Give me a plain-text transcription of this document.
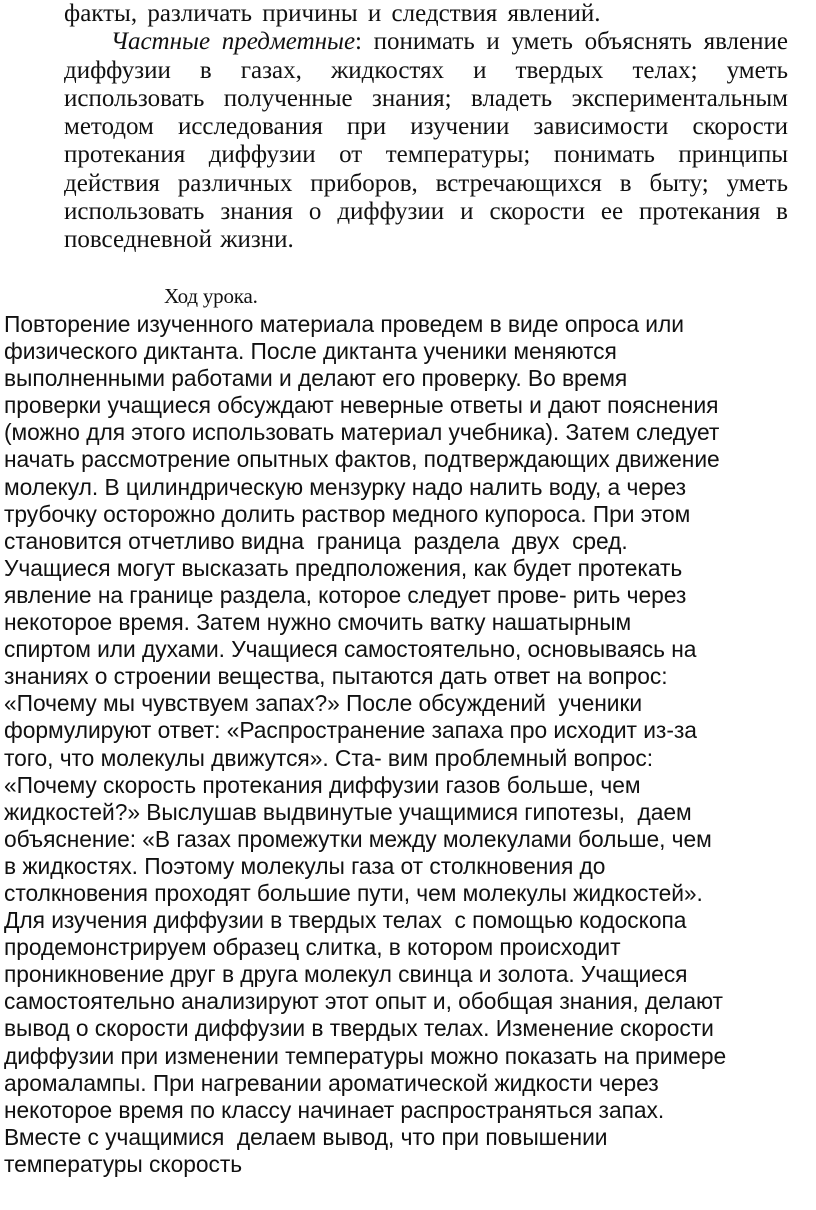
факты, различать причины и следствия явлений.

Частные предметные: понимать и уметь объяснять явление диффузии в газах, жидкостях и твердых телах; уметь использовать полученные знания; владеть экспериментальным методом исследования при изучении зависимости скорости протекания диффузии от температуры; понимать принципы действия различных приборов, встречающихся в быту; уметь использовать знания о диффузии и скорости ее протекания в повседневной жизни.

Ход урока.
Повторение изученного материала проведем в виде опроса или
физического диктанта. После диктанта ученики меняются
выполненными работами и делают его проверку. Во время
проверки учащиеся обсуждают неверные ответы и дают пояснения
(можно для этого использовать материал учебника). Затем следует
начать рассмотрение опытных фактов, подтверждающих движение
молекул. В цилиндрическую мензурку надо налить воду, а через
трубочку осторожно долить раствор медного купороса. При этом
становится отчетливо видна  граница  раздела  двух  сред.
Учащиеся могут высказать предположения, как будет протекать
явление на границе раздела, которое следует прове- рить через
некоторое время. Затем нужно смочить ватку нашатырным
спиртом или духами. Учащиеся самостоятельно, основываясь на
знаниях о строении вещества, пытаются дать ответ на вопрос:
«Почему мы чувствуем запах?» После обсуждений  ученики
формулируют ответ: «Распространение запаха про исходит из-за
того, что молекулы движутся». Ста- вим проблемный вопрос:
«Почему скорость протекания диффузии газов больше, чем
жидкостей?» Выслушав выдвинутые учащимися гипотезы,  даем
объяснение: «В газах промежутки между молекулами больше, чем
в жидкостях. Поэтому молекулы газа от столкновения до
столкновения проходят большие пути, чем молекулы жидкостей».
Для изучения диффузии в твердых телах  с помощью кодоскопа
продемонстрируем образец слитка, в котором происходит
проникновение друг в друга молекул свинца и золота. Учащиеся
самостоятельно анализируют этот опыт и, обобщая знания, делают
вывод о скорости диффузии в твердых телах. Изменение скорости
диффузии при изменении температуры можно показать на примере
аромалампы. При нагревании ароматической жидкости через
некоторое время по классу начинает распространяться запах.
Вместе с учащимися  делаем вывод, что при повышении
температуры скорость
